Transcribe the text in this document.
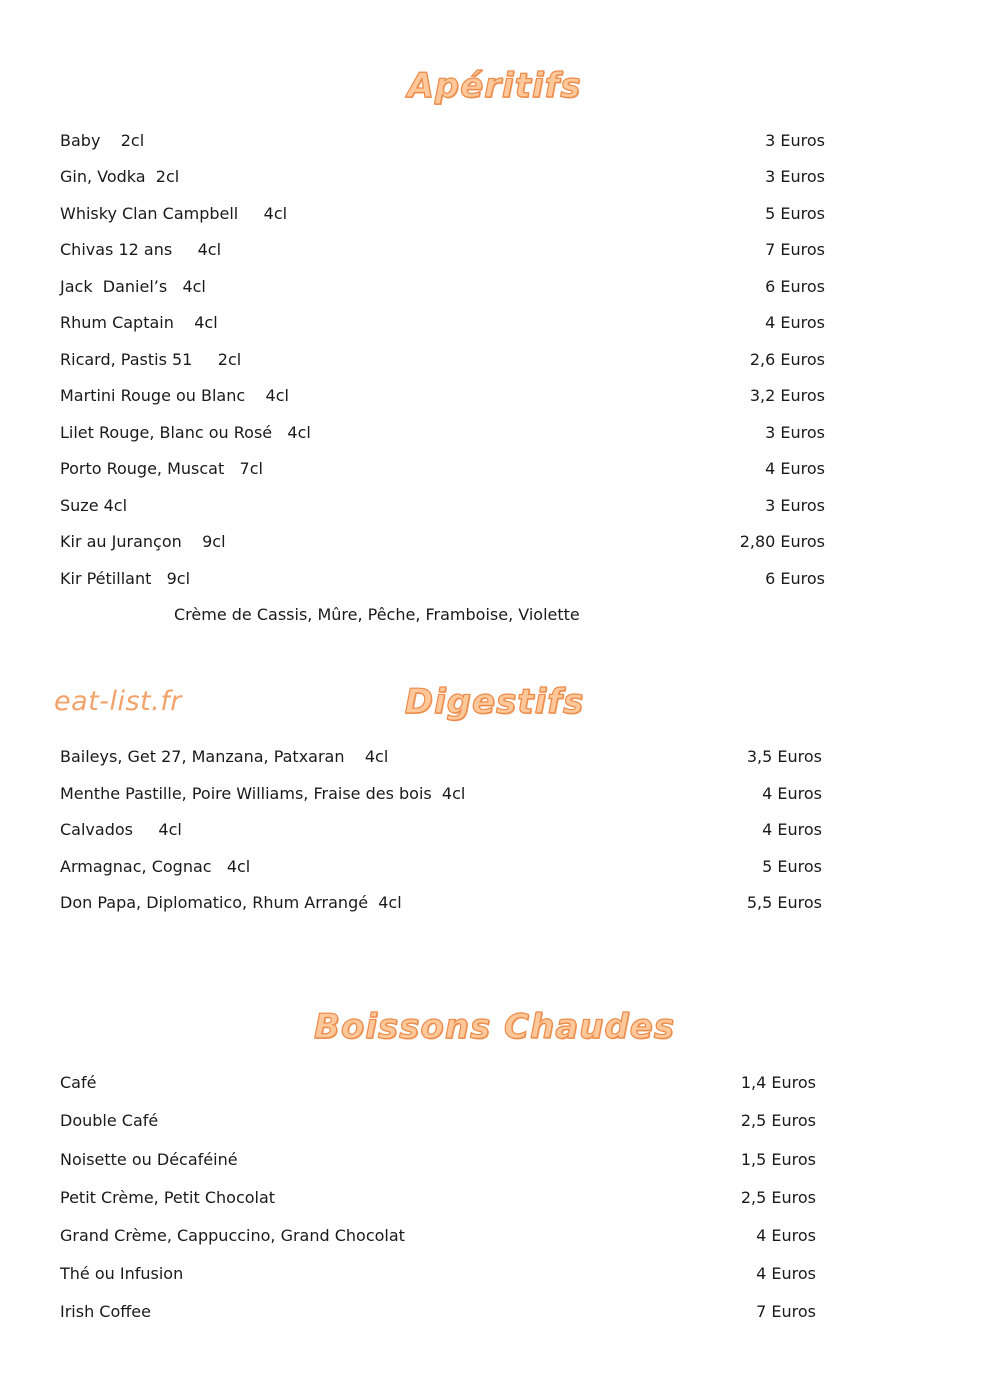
Apéritifs
Baby    2cl	3 Euros
Gin, Vodka  2cl	3 Euros
Whisky Clan Campbell     4cl	5 Euros
Chivas 12 ans     4cl	7 Euros
Jack  Daniel’s   4cl	6 Euros
Rhum Captain    4cl	4 Euros
Ricard, Pastis 51     2cl	2,6 Euros
Martini Rouge ou Blanc    4cl	3,2 Euros
Lilet Rouge, Blanc ou Rosé   4cl	3 Euros
Porto Rouge, Muscat   7cl	4 Euros
Suze 4cl	3 Euros
Kir au Jurançon    9cl	2,80 Euros
Kir Pétillant   9cl	6 Euros
Crème de Cassis, Mûre, Pêche, Framboise, Violette
eat-list.fr	Digestifs
Baileys, Get 27, Manzana, Patxaran    4cl	3,5 Euros
Menthe Pastille, Poire Williams, Fraise des bois  4cl	4 Euros
Calvados     4cl	4 Euros
Armagnac, Cognac   4cl	5 Euros
Don Papa, Diplomatico, Rhum Arrangé  4cl	5,5 Euros
Boissons Chaudes
Café	1,4 Euros
Double Café	2,5 Euros
Noisette ou Décaféiné	1,5 Euros
Petit Crème, Petit Chocolat	2,5 Euros
Grand Crème, Cappuccino, Grand Chocolat	4 Euros
Thé ou Infusion	4 Euros
Irish Coffee	7 Euros
